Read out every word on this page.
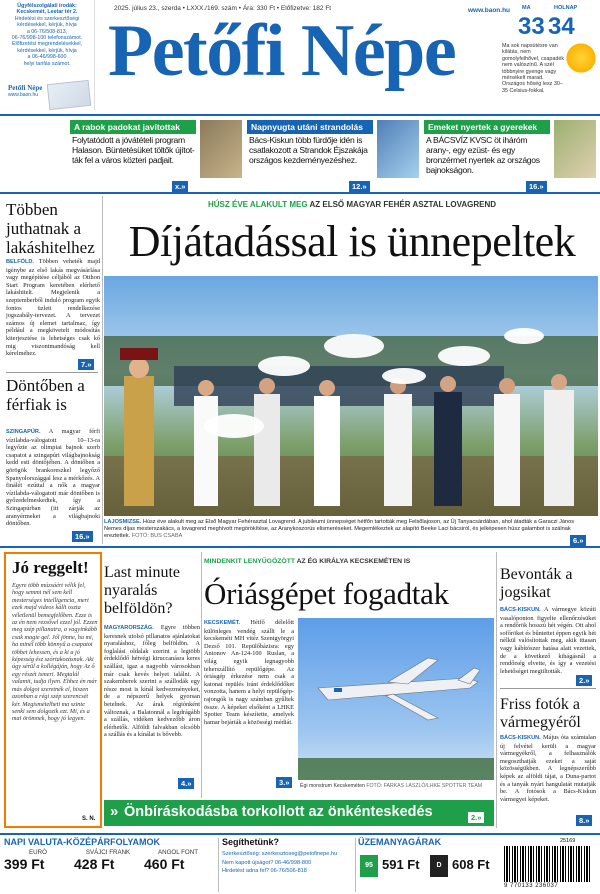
Ügyfélszolgálati irodák:
Kecskemét, Leetar tér 2.
Hirdetési és szerkesztőségi
kérdésekkel, kérjük, hívja
a 06-76/508-813,
06-76/998-100 telefonszámot.
Előfizetési megrendelésekkel,
kérdésekkel, kérjük, hívja
a 06-46/998-600
helyi tarifás számot.
Petőfi Népe
www.baon.hu
2025. július 23., szerda • LXXX./169. szám • Ára: 330 Ft • Előfizetve: 182 Ft	www.baon.hu
Petőfi Népe
MA	HOLNAP
33 34
Ma sok napsütésre van kilátás, nem gomolyfelhővel, csapadék nem valószínű. A szél többnyire gyenge vagy mérsékelt marad. Országos hőség lesz 30–35 Celsius-fokkal.
A rabok padokat javítottak
Folytatódott a jóvátételi program Halason. Büntetésüket töltők újítot-ták fel a város közteri padjait.
x.»
Napnyugta utáni strandolás
Bács-Kiskun több fürdője idén is csatlakozott a Strandok Éjszakája országos kezdeményezéshez.
12.»
Emeket nyertek a gyerekek
A BÁCSVÍZ KVSC öt iháróm arany-, egy ezüst- és egy bronzérmet nyertek az országos bajnokságon.
16.»
Többen juthatnak a lakáshitelhez
BELFÖLD. Többen veheték majd igénybe az első lakás megvásárlása vagy megépítése céljából az Otthon Start Program keretében elérhető lakáshitelt. Megjelenik a szeptemberből induló program egyik fontos üzleti rendelkezése jogszabály-tervezet. A tervezet számos új elemet tartalmaz, így például a megkövetelt módosítás kiterjesztése is lehetséges csak kő mig viszontmandóság kell kérelméhez.
7.»
Döntőben a férfiak is
SZINGAPÚR. A magyar férfi vízilabda-válogatott 10–13-ra legyőzte az olimpiai bajnok szerb csapatot a szingapúri világbajnokság kedd esti döntőjében. A döntőben a görögök brankoreszkel legyőző Spanyolországgal lesz a mérkőzés. A finálét ezúttal a nők a magyar vízilabda-válogatott már döntőben is győzedelmeskedtek, így a Szingapúrban (itt zárják az aranyérmeket a világbajnoki döntőben.
16.»
HÚSZ ÉVE ALAKULT MEG AZ ELSŐ MAGYAR FEHÉR ASZTAL LOVAGREND
Díjátadással is ünnepeltek
LAJOSMIZSE. Húsz éve alakult meg az Első Magyar Fehérasztal Lovagrend. A jubileumi ünnepséget hétfőn tartották meg Felsőlajoson, az Új Tanyacsárdában, ahol átadták a Garaczi János Nemes díjas mesterszakács, a lovagrend meghívott megörökítése, az Aranykoszorús elismeréseket. Megemlékeztek az alapító Beeke Laci bácsiról, és jelképesen húsz galambot is szálnak ereztettek. FOTÓ: BUS CSABA
6.»
Jó reggelt!
Egyre több múzsáért vélik fel, hogy semmi nél sem kell mesterséges intelligencia, mert ezek majd videos kállt oszta véletlenül bemegfelőben. Ezze is az én nem rezsővel ezzel jól. Ezzen meg szép pillanatra, a vagyinkább csak magie gel. Jól jönne, ha mi, ha minél több könnyű a csapatot többet lehessen, és a ki a jó képesség ész szórtakozásnak. Aki úgy sérül a kollégáján, hogy Az ő egy részét ismeri. Megtalál valamit, tudja ilyen. Ehhez én már más dolgot szeretnék el, hiszen azonban a régi szép szerencsét kér. Megismételheti ma szinte senki sem dolgozik ezt. Mi, és a mai örömnek, hogy jó legyen.
S. N.
Last minute nyaralás belföldön?
MAGYARORSZÁG. Egyre többen keresnek utolsó pillanatos ajánlatokat nyaraláshoz, főleg belföldön. A foglalási oldalak szerint a legtöbb érdeklődő hétvégi kiruccanásra keres szállást, igaz a nagyobb városokban már csak kevés helyet találni. A szakemberek szerint a szállodák egy része most is kínál kedvezményeket, de a népszerű helyek gyorsan betelnek. Az árak régiónként változnak, a Balatonnál a legdrágább a szállás, vidéken kedvezőbb áron elérhetők. Alföldi falvakban olcsóbb a szállás és a kínálat is bővebb.
4.»
MINDENKIT LENYŰGÖZÖTT AZ ÉG KIRÁLYA KECSKEMÉTEN IS
Óriásgépet fogadtak
KECSKEMÉT. Hétfő délelőtt különleges vendég szállt le a kecskeméti MH vitéz Szentgyörgyi Dezső 101. Repülőbázisra: egy Antonov An-124-100 Ruslan, a világ egyik legnagyobb teherszállító repülőgépe. Az óriásgép érkezése nem csak a katonai repülés iránt érdeklődőket vonzotta, hanem a helyi repülőgép-rajongók is nagy számban gyűltek össze. A képeket elsőként a LHKE Spotter Team készítette, amelyek hamar bejárták a közösségi médiát.
3.»	Égi monstrum Kecskeméten FOTÓ: FARKAS LÁSZLÓ/LHKE SPOTTER TEAM
Bevonták a jogsikat
BÁCS-KISKUN. A vármegye közúti vasalóponton figyelte ellenőrzésüket a rendőrök hosszú hét végén. Ott ahol sofőröket és bűntettet éppen egyik hét nélkül valósítottak meg, akik ittasan vagy kábítószer hatása alatt vezettek, de a következő kihágásnál a rendőrség elvette, és így a vezetési lehetőséget megtiltották.
2.»
Friss fotók a vármegyéről
BÁCS-KISKUN. Május óta számtalan új felvétel került a magyar vármegyékről, a felhasználók megoszthatják ezeket a saját közösségükben. A legnépszerűbb képek az alföldi tájat, a Duna-partot és a tanyák nyári hangulatát mutatják be. A fotósok a Bács-Kiskun vármegyei képeket.
8.»
» Önbíráskodásba torkollott az önkénteskedés	2.»
NAPI VALUTA-KÖZÉPÁRFOLYAMOK
EURÓ
399 Ft
SVÁJCI FRANK
428 Ft
ANGOL FONT
460 Ft
Segíthetünk?
Szerkesztőség: szerkesztoseg@petofinepe.hu
Nem kapott újságot? 06-46/998-800
Hirdetést adna fel? 06-76/506-818
ÜZEMANYAGÁRAK
95 591 Ft	D 608 Ft
25169
9 770133 236037
